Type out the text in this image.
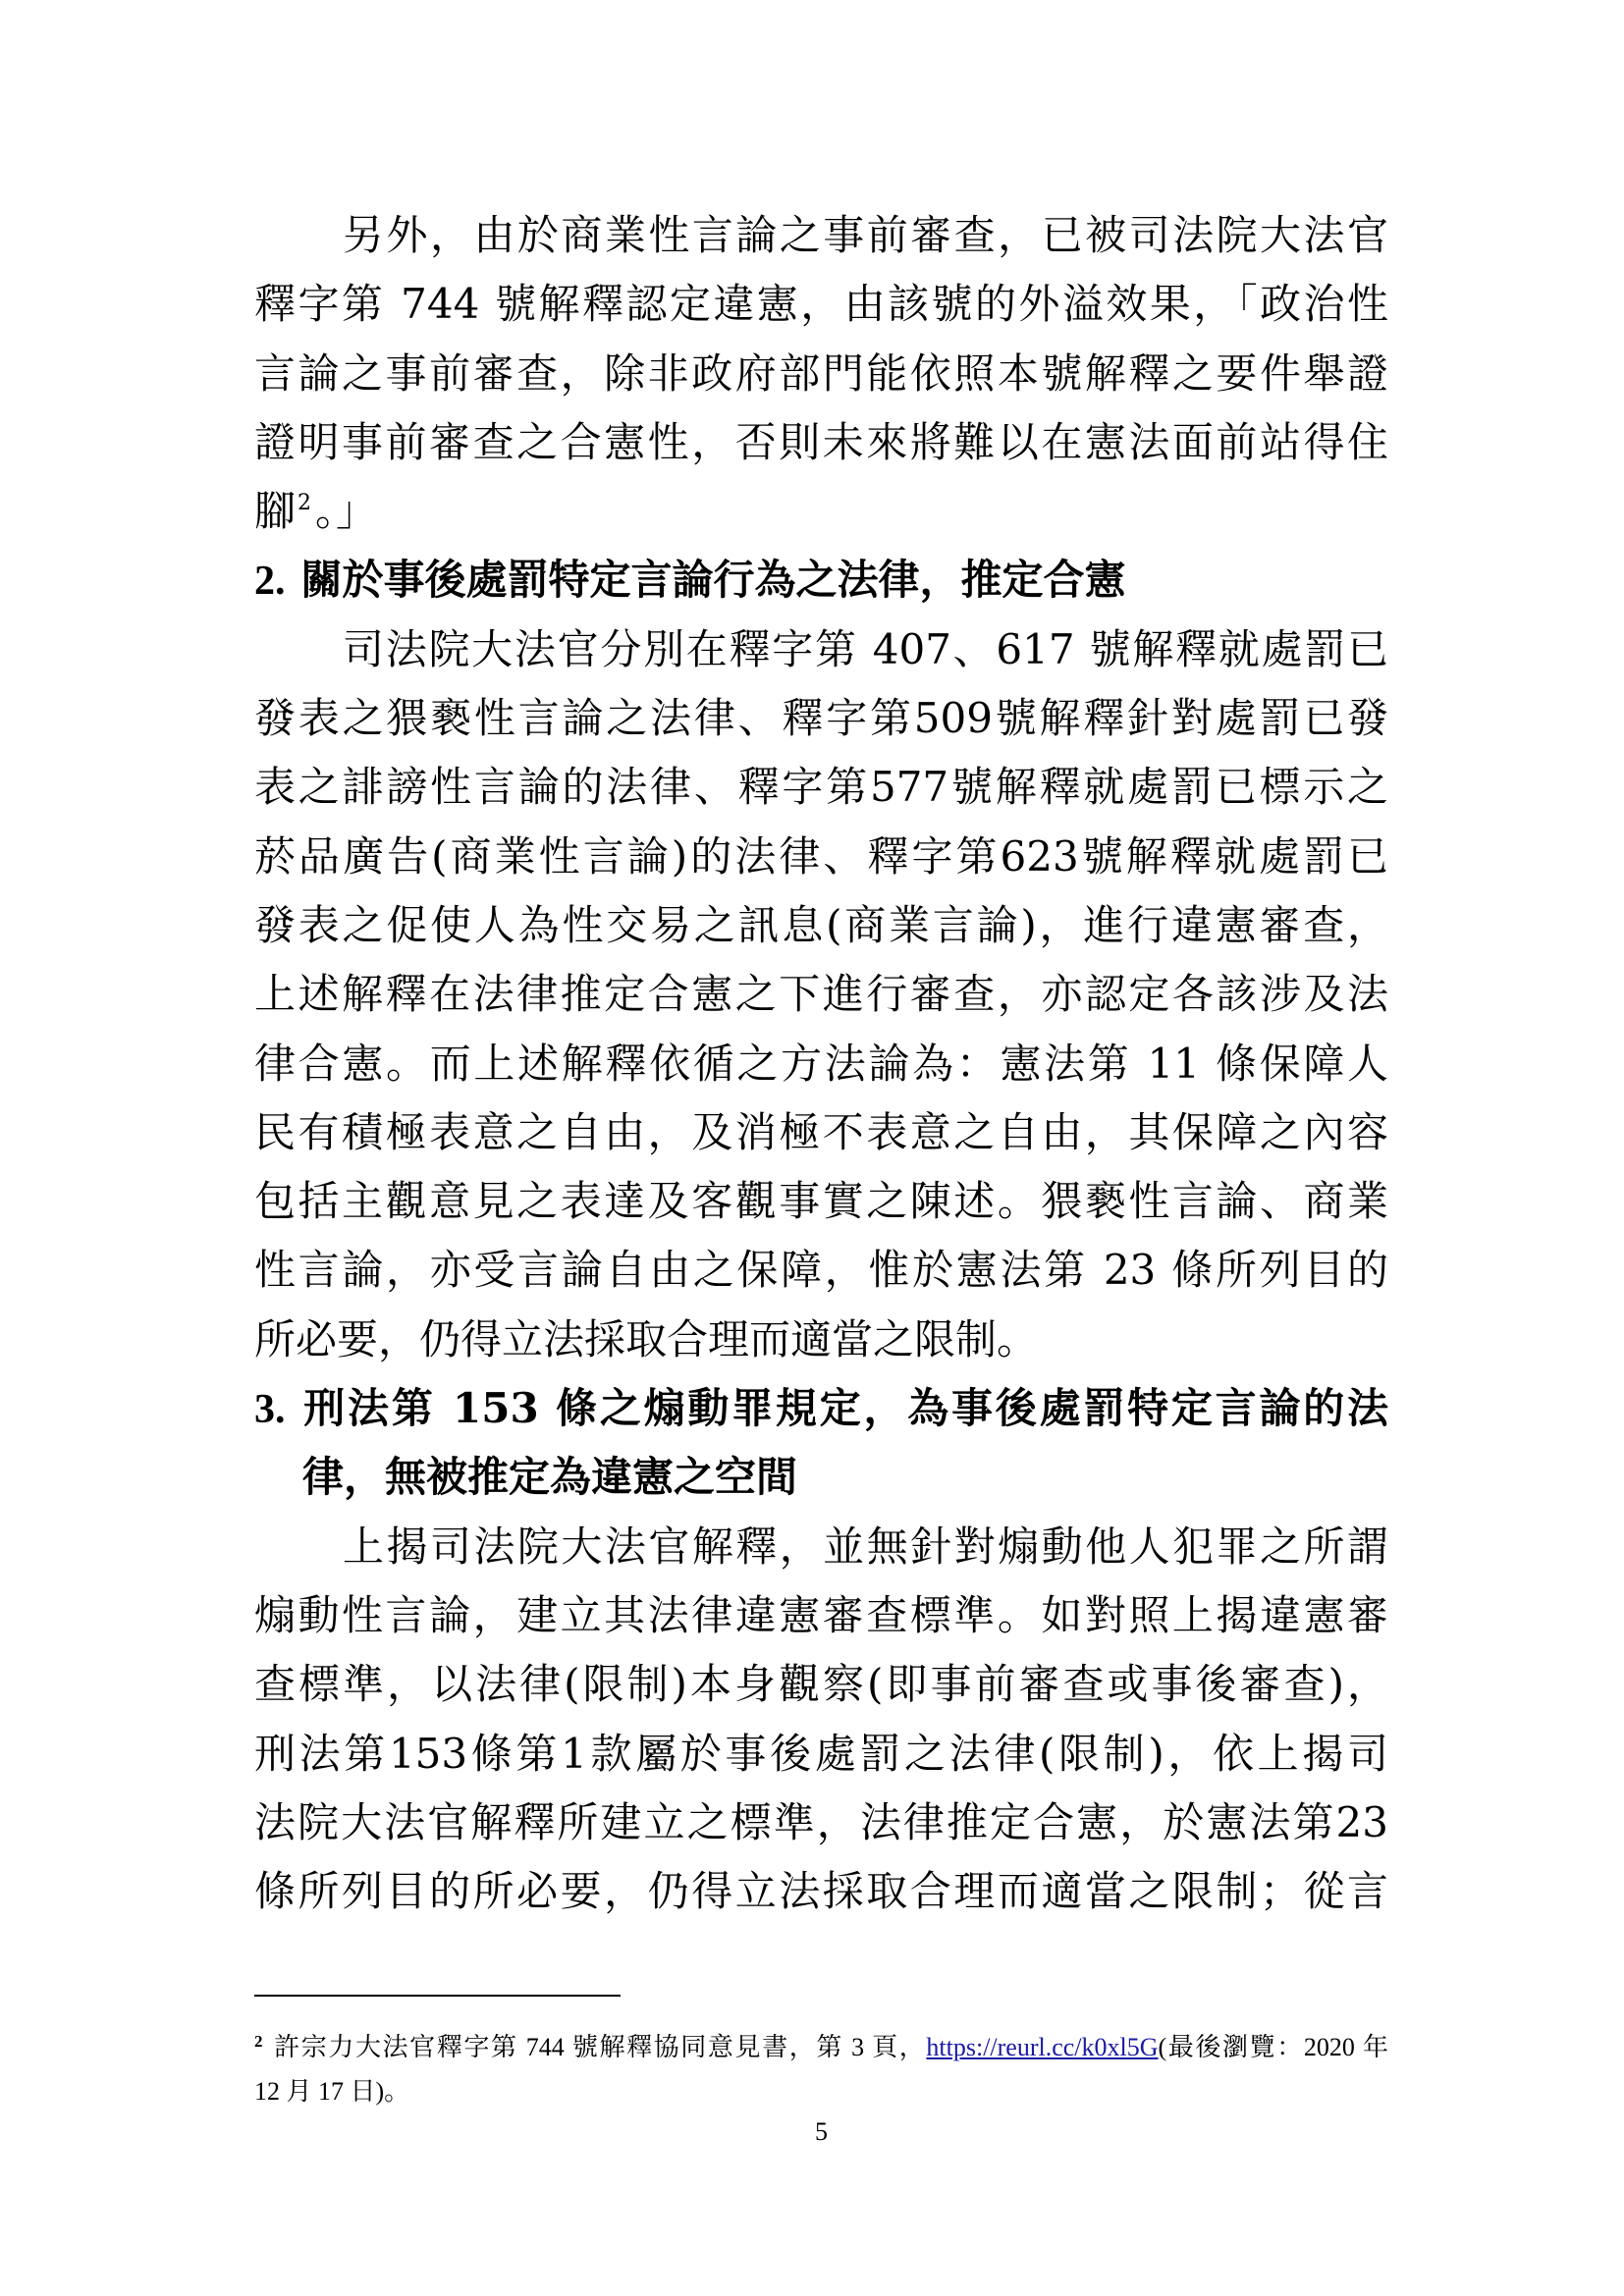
另外，由於商業性言論之事前審查，已被司法院大法官
釋字第 744 號解釋認定違憲，由該號的外溢效果，「政治性
言論之事前審查，除非政府部門能依照本號解釋之要件舉證
證明事前審查之合憲性，否則未來將難以在憲法面前站得住
腳$^2$。」
2. 關於事後處罰特定言論行為之法律，推定合憲
司法院大法官分別在釋字第 407、617 號解釋就處罰已
發表之猥褻性言論之法律、釋字第509號解釋針對處罰已發
表之誹謗性言論的法律、釋字第577號解釋就處罰已標示之
菸品廣告(商業性言論)的法律、釋字第623號解釋就處罰已
發表之促使人為性交易之訊息(商業言論)，進行違憲審查，
上述解釋在法律推定合憲之下進行審查，亦認定各該涉及法
律合憲。而上述解釋依循之方法論為：憲法第 11 條保障人
民有積極表意之自由，及消極不表意之自由，其保障之內容
包括主觀意見之表達及客觀事實之陳述。猥褻性言論、商業
性言論，亦受言論自由之保障，惟於憲法第 23 條所列目的
所必要，仍得立法採取合理而適當之限制。
3. 刑法第 153 條之煽動罪規定，為事後處罰特定言論的法
律，無被推定為違憲之空間
上揭司法院大法官解釋，並無針對煽動他人犯罪之所謂
煽動性言論，建立其法律違憲審查標準。如對照上揭違憲審
查標準，以法律(限制)本身觀察(即事前審查或事後審查)，
刑法第153條第1款屬於事後處罰之法律(限制)，依上揭司
法院大法官解釋所建立之標準，法律推定合憲，於憲法第23
條所列目的所必要，仍得立法採取合理而適當之限制；從言
$^2$ 許宗力大法官釋字第 744 號解釋協同意見書，第 3 頁，https://reurl.cc/k0xl5G(最後瀏覽：2020 年
12 月 17 日)。
5
